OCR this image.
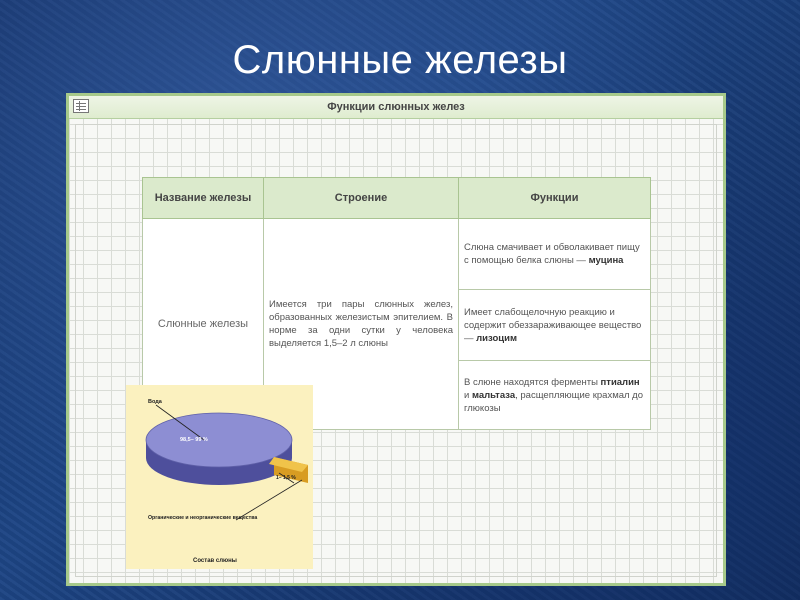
Слюнные железы
Функции слюнных желез
Название железы	Строение	Функции
Слюнные железы	Имеется три пары слюнных желез, образованных железистым эпителием. В норме за одни сутки у человека выделяется 1,5–2 л слюны	Слюна смачивает и обволакивает пищу с помощью белка слюны — муцина
		Имеет слабощелочную реакцию и содержит обеззараживающее вещество — лизоцим
		В слюне находятся ферменты птиалин и мальтаза, расщепляющие крахмал до глюкозы
Вода
98,5– 99 %
1– 1,5 %
Органические и неорганические вещества
Состав слюны
